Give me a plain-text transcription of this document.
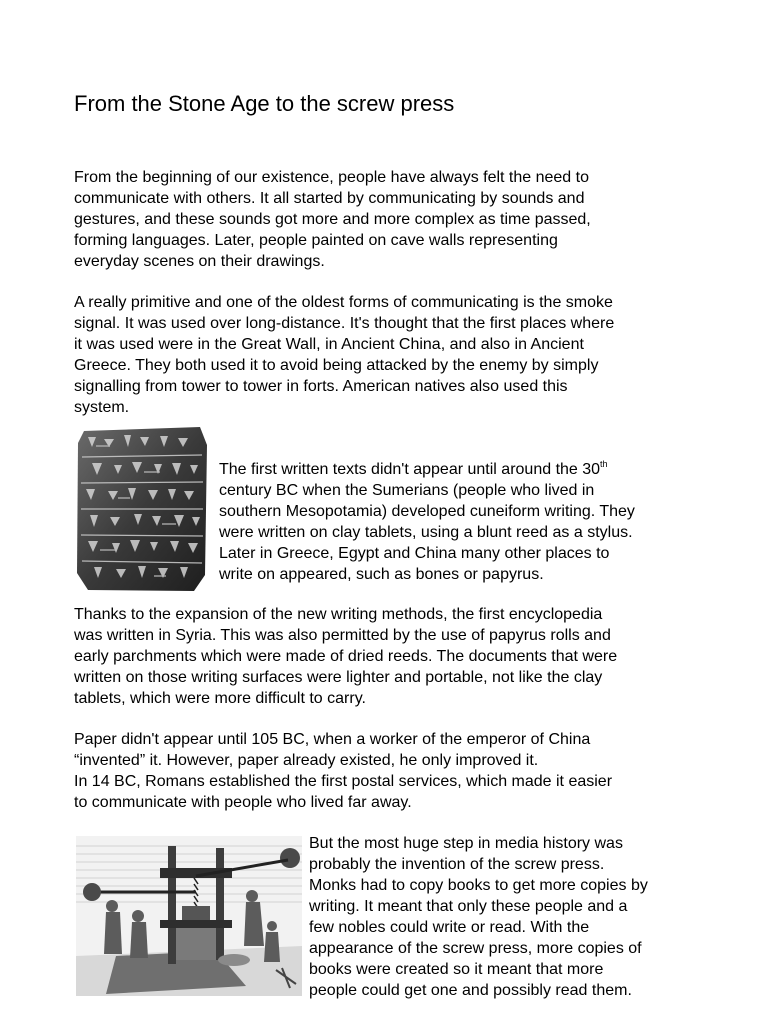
From the Stone Age to the screw press

From the beginning of our existence, people have always felt the need to
communicate with others. It all started by communicating by sounds and
gestures, and these sounds got more and more complex as time passed,
forming languages. Later, people painted on cave walls representing
everyday scenes on their drawings.

A really primitive and one of the oldest forms of communicating is the smoke
signal. It was used over long-distance. It's thought that the first places where
it was used were in the Great Wall, in Ancient China, and also in Ancient
Greece. They both used it to avoid being attacked by the enemy by simply
signalling from tower to tower in forts. American natives also used this
system.

The first written texts didn't appear until around the 30th
century BC when the Sumerians (people who lived in
southern Mesopotamia) developed cuneiform writing. They
were written on clay tablets, using a blunt reed as a stylus.
Later in Greece, Egypt and China many other places to
write on appeared, such as bones or papyrus.

Thanks to the expansion of the new writing methods, the first encyclopedia
was written in Syria. This was also permitted by the use of papyrus rolls and
early parchments which were made of dried reeds. The documents that were
written on those writing surfaces were lighter and portable, not like the clay
tablets, which were more difficult to carry.

Paper didn't appear until 105 BC, when a worker of the emperor of China
“invented” it. However, paper already existed, he only improved it.
In 14 BC, Romans established the first postal services, which made it easier
to communicate with people who lived far away.

But the most huge step in media history was
probably the invention of the screw press.
Monks had to copy books to get more copies by
writing. It meant that only these people and a
few nobles could write or read. With the
appearance of the screw press, more copies of
books were created so it meant that more
people could get one and possibly read them.
